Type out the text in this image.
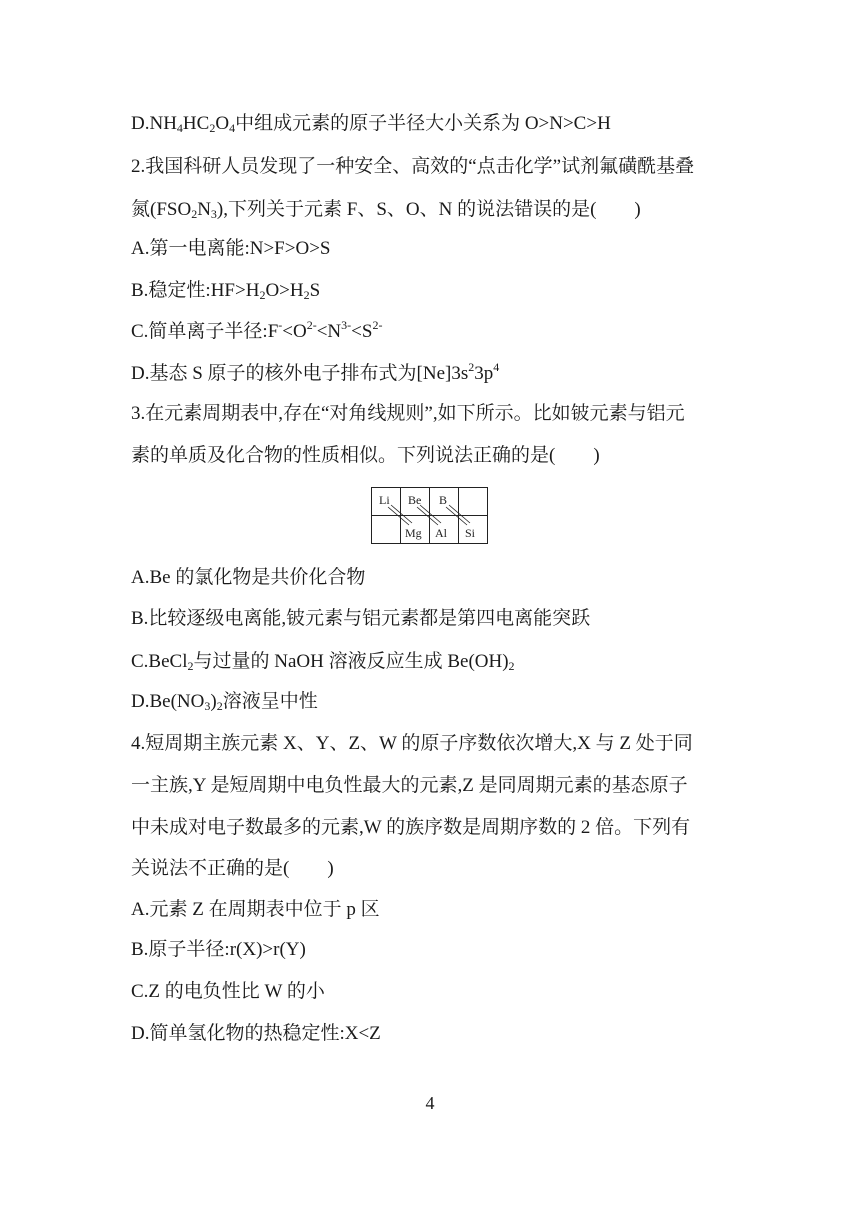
$D.NH_4HC_2O_4$中组成元素的原子半径大小关系为 O>N>C>H
2.我国科研人员发现了一种安全、高效的“点击化学”试剂氟磺酰基叠
氮$(FSO_2N_3)$,下列关于元素 F、S、O、N 的说法错误的是(　　)
A.第一电离能:N>F>O>S
B.稳定性$:HF>H_2O>H_2S$
C.简单离子半径$:F^-<O^{2-}<N^{3-}<S^{2-}$
D.基态 S 原子的核外电子排布式为$[Ne]3s^23p^4$
3.在元素周期表中,存在“对角线规则”,如下所示。比如铍元素与铝元
素的单质及化合物的性质相似。下列说法正确的是(　　)
Li Be B
Mg Al Si
A.Be 的氯化物是共价化合物
B.比较逐级电离能,铍元素与铝元素都是第四电离能突跃
C.BeCl$_2$与过量的 NaOH 溶液反应生成 $Be(OH)_2$
$D.Be(NO_3)_2$溶液呈中性
4.短周期主族元素 X、Y、Z、W 的原子序数依次增大,X 与 Z 处于同
一主族,Y 是短周期中电负性最大的元素,Z 是同周期元素的基态原子
中未成对电子数最多的元素,W 的族序数是周期序数的 2 倍。下列有
关说法不正确的是(　　)
A.元素 Z 在周期表中位于 p 区
B.原子半径:r(X)>r(Y)
C.Z 的电负性比 W 的小
D.简单氢化物的热稳定性:X<Z
4
